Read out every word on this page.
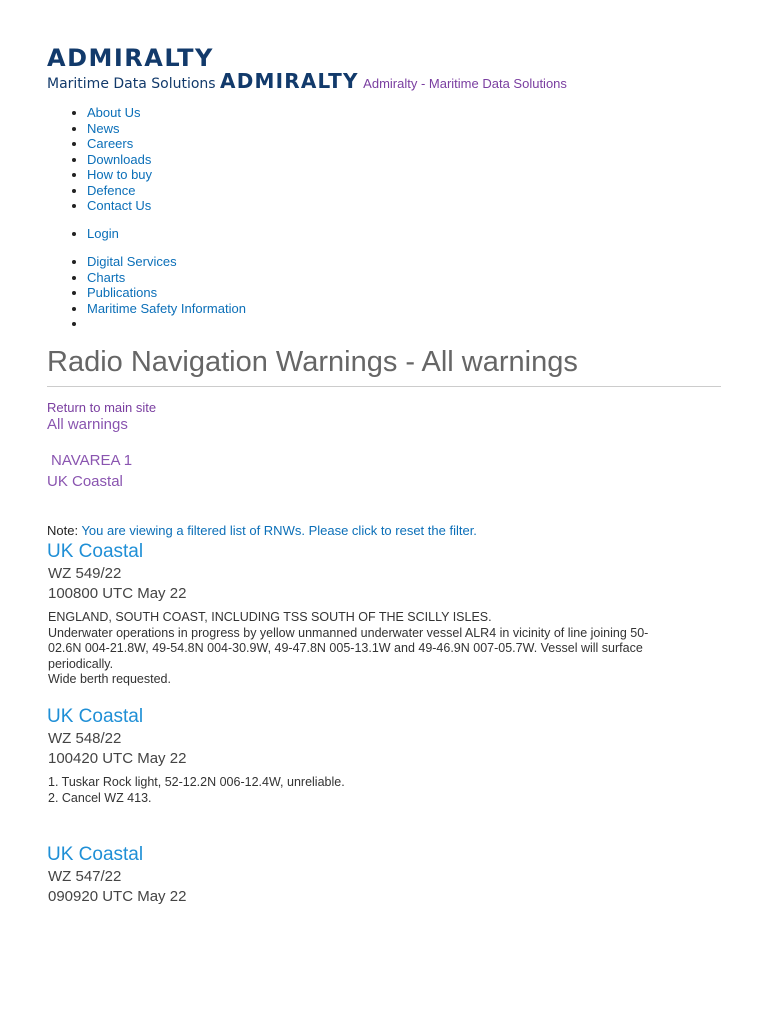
ADMIRALTY
Maritime Data Solutions ADMIRALTY Admiralty - Maritime Data Solutions
• About Us
• News
• Careers
• Downloads
• How to buy
• Defence
• Contact Us
• Login
• Digital Services
• Charts
• Publications
• Maritime Safety Information
•
Radio Navigation Warnings - All warnings
Return to main site
All warnings
NAVAREA 1
UK Coastal
Note: You are viewing a filtered list of RNWs. Please click to reset the filter.
UK Coastal
WZ 549/22
100800 UTC May 22
ENGLAND, SOUTH COAST, INCLUDING TSS SOUTH OF THE SCILLY ISLES.
Underwater operations in progress by yellow unmanned underwater vessel ALR4 in vicinity of line joining 50-
02.6N 004-21.8W, 49-54.8N 004-30.9W, 49-47.8N 005-13.1W and 49-46.9N 007-05.7W. Vessel will surface
periodically.
Wide berth requested.
UK Coastal
WZ 548/22
100420 UTC May 22
1. Tuskar Rock light, 52-12.2N 006-12.4W, unreliable.
2. Cancel WZ 413.
UK Coastal
WZ 547/22
090920 UTC May 22
